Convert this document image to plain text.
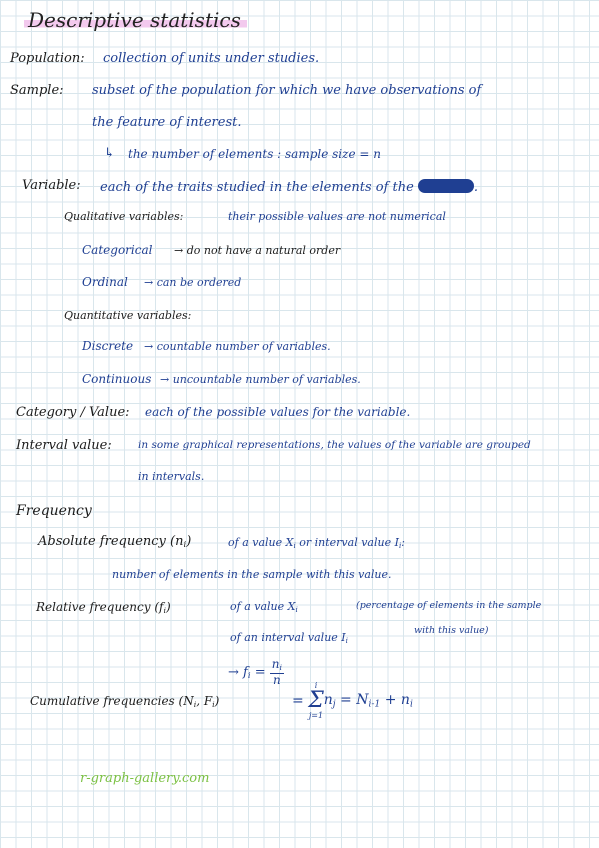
Descriptive statistics
Population: collection of units under studies.
Sample: subset of the population for which we have observations of
the feature of interest.
↳ the number of elements : sample size = n
Variable: each of the traits studied in the elements of the	.
Qualitative variables:	their possible values are not numerical
Categorical → do not have a natural order
Ordinal → can be ordered
Quantitative variables:
Discrete → countable number of variables.
Continuous → uncountable number of variables.
Category / Value: each of the possible values for the variable.
Interval value:	in some graphical representations, the values of the variable are grouped
in intervals.
Frequency
Absolute frequency $(n_i)$	of a value $X_i$ or interval value $I_i$:
number of elements in the sample with this value.
Relative frequency $(f_i)$	of a value $X_i$	(percentage of elements in the sample
of an interval value $I_i$
with this value)
→ $f_i = \frac{n_i}{n}$
Cumulative frequencies ($N_i$, $F_i$)	=
i
Σ
j=1
$n_j = N_{i-1} + n_i$
r-graph-gallery.com
